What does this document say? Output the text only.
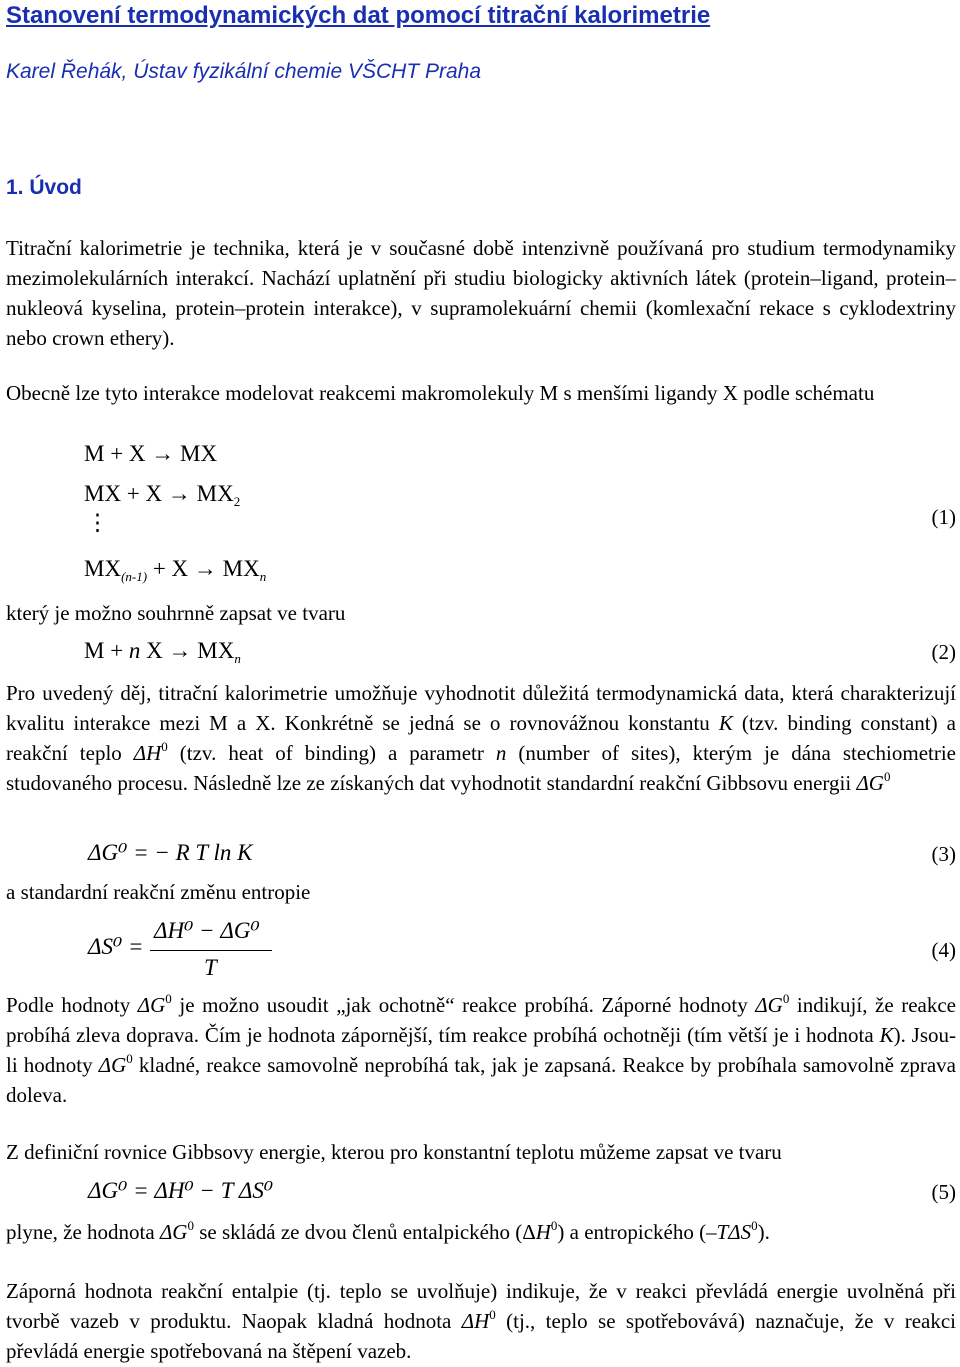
Stanovení termodynamických dat pomocí titrační kalorimetrie
Karel Řehák, Ústav fyzikální chemie VŠCHT Praha
1. Úvod
Titrační kalorimetrie je technika, která je v současné době intenzivně používaná pro studium termodynamiky mezimolekulárních interakcí. Nachází uplatnění při studiu biologicky aktivních látek (protein–ligand, protein–nukleová kyselina, protein–protein interakce), v supramolekuární chemii (komlexační rekace s cyklodextriny nebo crown ethery).
Obecně lze tyto interakce modelovat reakcemi makromolekuly M s menšími ligandy X podle schématu
M + X → MX
MX + $X \to MX_2$
⋮
$MX_{(n-1)} + X \to MX_n$
(1)
který je možno souhrnně zapsat ve tvaru
M + n $X \to MX_n$	(2)
Pro uvedený děj, titrační kalorimetrie umožňuje vyhodnotit důležitá termodynamická data, která charakterizují kvalitu interakce mezi M a X. Konkrétně se jedná se o rovnovážnou konstantu K (tzv. binding constant) a reakční teplo $\Delta H^0$ (tzv. heat of binding) a parametr n (number of sites), kterým je dána stechiometrie studovaného procesu. Následně lze ze získaných dat vyhodnotit standardní reakční Gibbsovu energii $\Delta G^0$
ΔG⁰ = − R T ln K	(3)
a standardní reakční změnu entropie
ΔS⁰ =
ΔH⁰ − ΔG⁰
T
(4)
Podle hodnoty $\Delta G^0$ je možno usoudit „jak ochotně“ reakce probíhá. Záporné hodnoty $\Delta G^0$ indikují, že reakce probíhá zleva doprava. Čím je hodnota zápornější, tím reakce probíhá ochotněji (tím větší je i hodnota K). Jsou-li hodnoty $\Delta G^0$ kladné, reakce samovolně neprobíhá tak, jak je zapsaná. Reakce by probíhala samovolně zprava doleva.
Z definiční rovnice Gibbsovy energie, kterou pro konstantní teplotu můžeme zapsat ve tvaru
ΔG⁰ = ΔH⁰ − T ΔS⁰	(5)
plyne, že hodnota $\Delta G^0$ se skládá ze dvou členů entalpického $(\Delta H^0)$ a entropického (–TΔS$^0$).
Záporná hodnota reakční entalpie (tj. teplo se uvolňuje) indikuje, že v reakci převládá energie uvolněná při tvorbě vazeb v produktu. Naopak kladná hodnota $\Delta H^0$ (tj., teplo se spotřebovává) naznačuje, že v reakci převládá energie spotřebovaná na štěpení vazeb.
